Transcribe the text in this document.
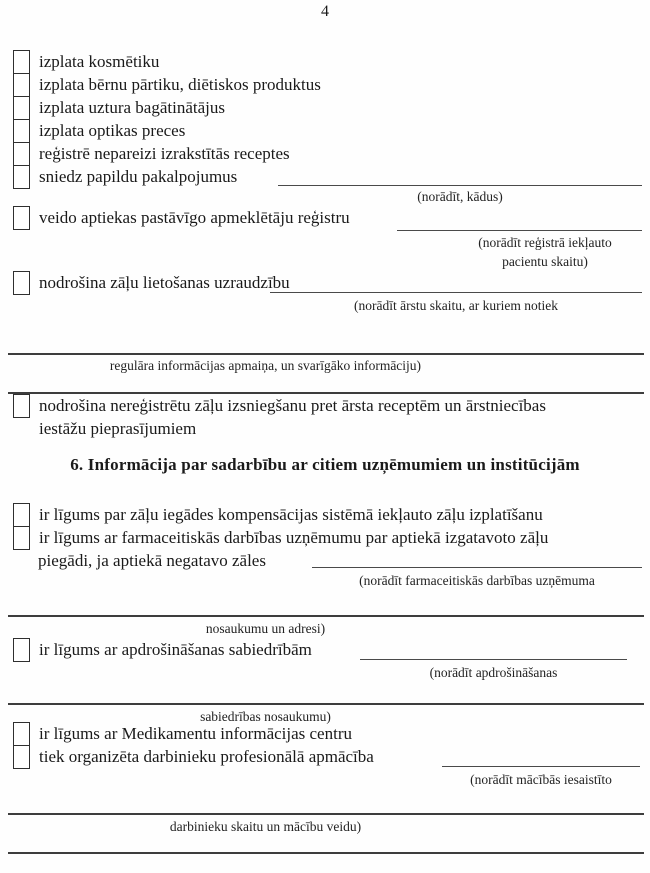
4
izplata kosmētiku
izplata bērnu pārtiku, diētiskos produktus
izplata uztura bagātinātājus
izplata optikas preces
reģistrē nepareizi izrakstītās receptes
sniedz papildu pakalpojumus
(norādīt, kādus)
veido aptiekas pastāvīgo apmeklētāju reģistru
(norādīt reģistrā iekļauto
pacientu skaitu)
nodrošina zāļu lietošanas uzraudzību
(norādīt ārstu skaitu, ar kuriem notiek
regulāra informācijas apmaiņa, un svarīgāko informāciju)
nodrošina nereģistrētu zāļu izsniegšanu pret ārsta receptēm un ārstniecības
iestāžu pieprasījumiem
6. Informācija par sadarbību ar citiem uzņēmumiem un institūcijām
ir līgums par zāļu iegādes kompensācijas sistēmā iekļauto zāļu izplatīšanu
ir līgums ar farmaceitiskās darbības uzņēmumu par aptiekā izgatavoto zāļu
piegādi, ja aptiekā negatavo zāles
(norādīt farmaceitiskās darbības uzņēmuma
nosaukumu un adresi)
ir līgums ar apdrošināšanas sabiedrībām
(norādīt apdrošināšanas
sabiedrības nosaukumu)
ir līgums ar Medikamentu informācijas centru
tiek organizēta darbinieku profesionālā apmācība
(norādīt mācībās iesaistīto
darbinieku skaitu un mācību veidu)
